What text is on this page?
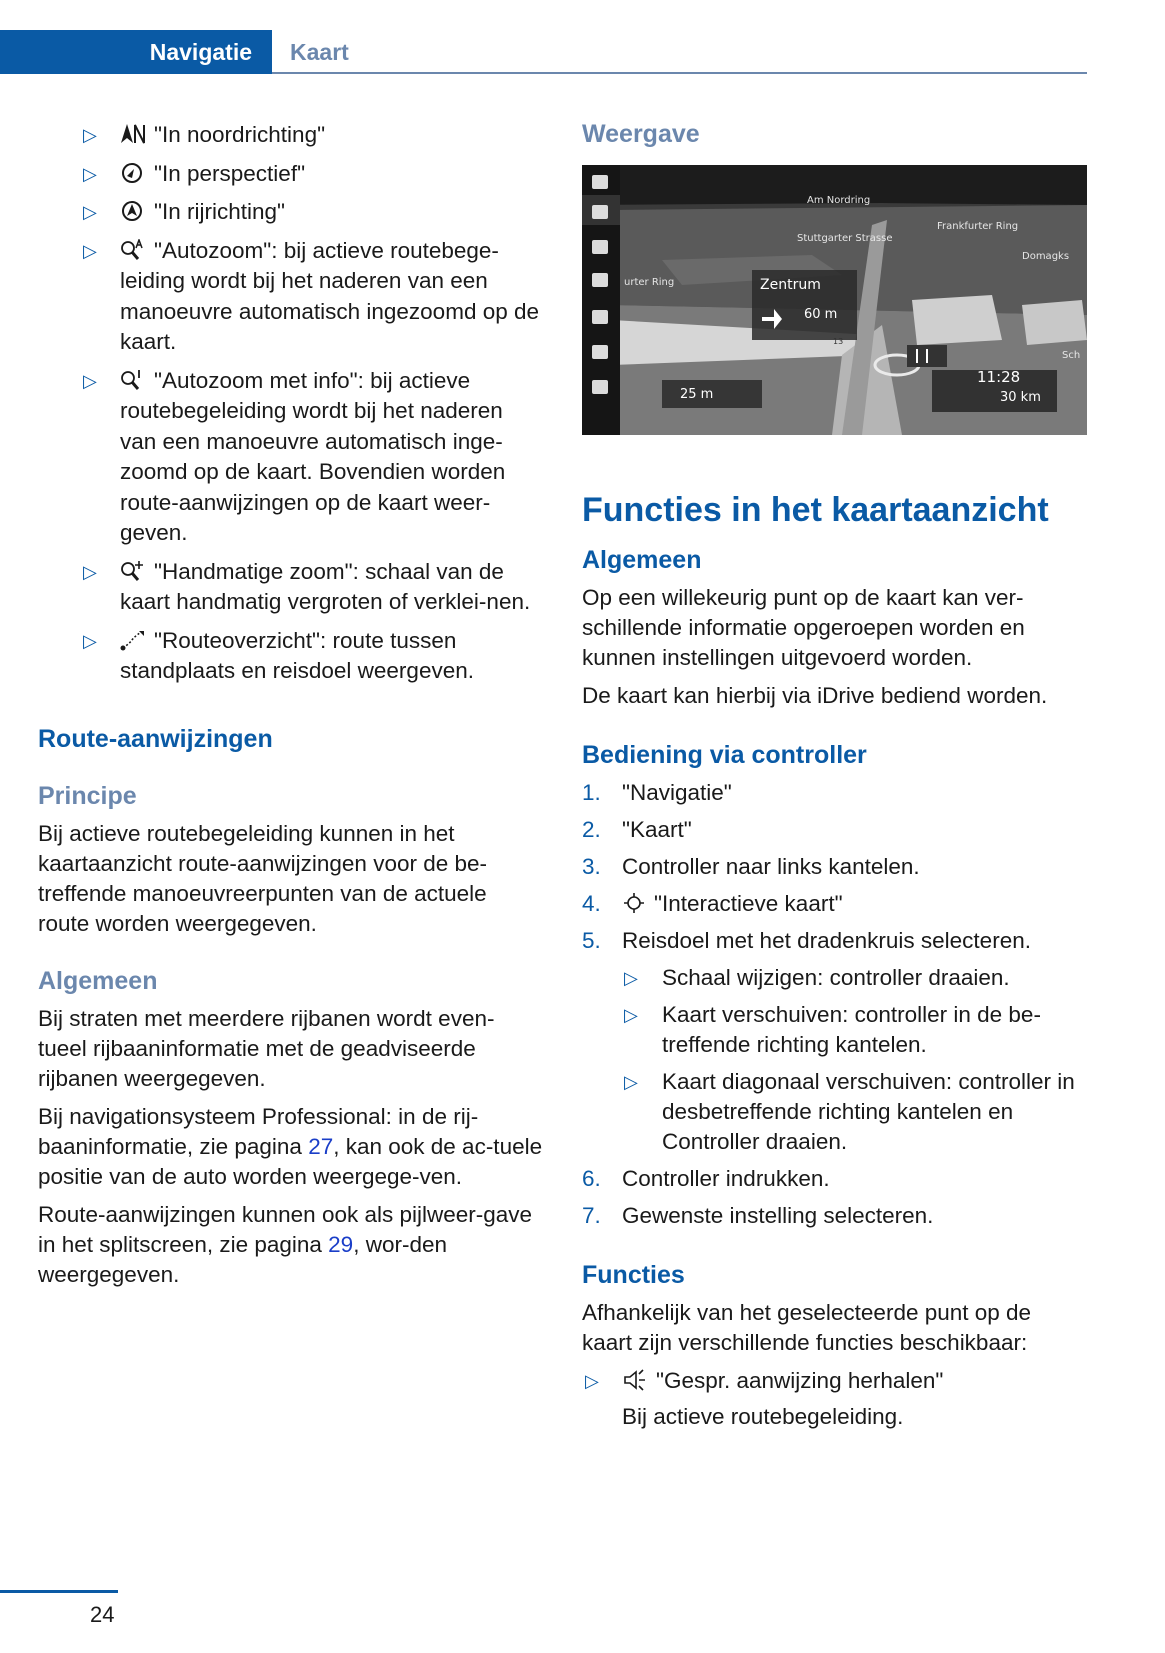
Navigatie	Kaart
▷	"In noordrichting"
▷	"In perspectief"
▷	"In rijrichting"
▷	"Autozoom": bij actieve routebege-leiding wordt bij het naderen van een manoeuvre automatisch ingezoomd op de kaart.
▷	"Autozoom met info": bij actieve routebegeleiding wordt bij het naderen van een manoeuvre automatisch inge-zoomd op de kaart. Bovendien worden route-aanwijzingen op de kaart weer-geven.
▷	"Handmatige zoom": schaal van de kaart handmatig vergroten of verklei-nen.
▷	"Routeoverzicht": route tussen standplaats en reisdoel weergeven.
Route-aanwijzingen
Principe

Bij actieve routebegeleiding kunnen in het kaartaanzicht route-aanwijzingen voor de be-treffende manoeuvreerpunten van de actuele route worden weergegeven.

Algemeen

Bij straten met meerdere rijbanen wordt even-tueel rijbaaninformatie met de geadviseerde rijbanen weergegeven.

Bij navigationsysteem Professional: in de rij-baaninformatie, zie pagina 27, kan ook de ac-tuele positie van de auto worden weergege-ven.

Route-aanwijzingen kunnen ook als pijlweer-gave in het splitscreen, zie pagina 29, wor-den weergegeven.

Weergave
Am Nordring
Frankfurter Ring
Stuttgarter Strasse
Domagks
urter Ring
Sch
Zentrum
60 m
13
25 m
11:28
30 km
Functies in het kaartaanzicht
Algemeen

Op een willekeurig punt op de kaart kan ver-schillende informatie opgeroepen worden en kunnen instellingen uitgevoerd worden.

De kaart kan hierbij via iDrive bediend worden.

Bediening via controller
1. "Navigatie"
2. "Kaart"
3. Controller naar links kantelen.
4. "Interactieve kaart"
5. Reisdoel met het dradenkruis selecteren.
▷ Schaal wijzigen: controller draaien.
▷ Kaart verschuiven: controller in de be-treffende richting kantelen.
▷ Kaart diagonaal verschuiven: controller in desbetreffende richting kantelen en Controller draaien.
6. Controller indrukken.
7. Gewenste instelling selecteren.
Functies

Afhankelijk van het geselecteerde punt op de kaart zijn verschillende functies beschikbaar:

▷	"Gespr. aanwijzing herhalen"
Bij actieve routebegeleiding.
24
